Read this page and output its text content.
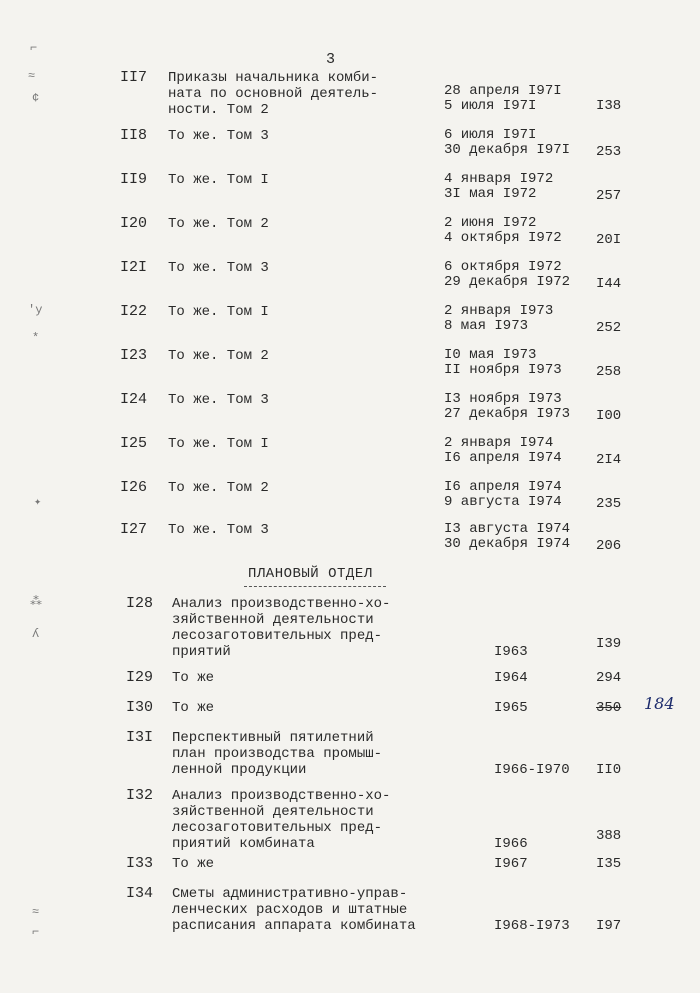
3
II7 Приказы начальника комби-
ната по основной деятель-
ности. Том 2
28 апреля I97I
5 июля I97I	I38
II8 То же. Том 3	6 июля I97I
30 декабря I97I	253
II9 То же. Том I	4 января I972
3I мая I972	257
I20 То же. Том 2	2 июня I972
4 октября I972	20I
I2I То же. Том 3	6 октября I972
29 декабря I972	I44
I22 То же. Том I	2 января I973
8 мая I973	252
I23 То же. Том 2	I0 мая I973
II ноября I973	258
I24 То же. Том 3	I3 ноября I973
27 декабря I973	I00
I25 То же. Том I	2 января I974
I6 апреля I974	2I4
I26 То же. Том 2	I6 апреля I974
9 августа I974	235
I27 То же. Том 3	I3 августа I974
30 декабря I974	206
ПЛАНОВЫЙ ОТДЕЛ
I28 Анализ производственно-хо-
зяйственной деятельности
лесозаготовительных пред-
приятий	I963	I39
I29 То же	I964	294
I30 То же	I965	350	184
I3I Перспективный пятилетний
план производства промыш-
ленной продукции	I966-I970 II0
I32 Анализ производственно-хо-
зяйственной деятельности
лесозаготовительных пред-
приятий комбината	I966	388
I33 То же	I967	I35
I34 Сметы административно-управ-
ленческих расходов и штатные
расписания аппарата комбината	I968-I973 I97
⌐
≈
¢
'y
*
✦
⁂
ʎ
≈
⌐
